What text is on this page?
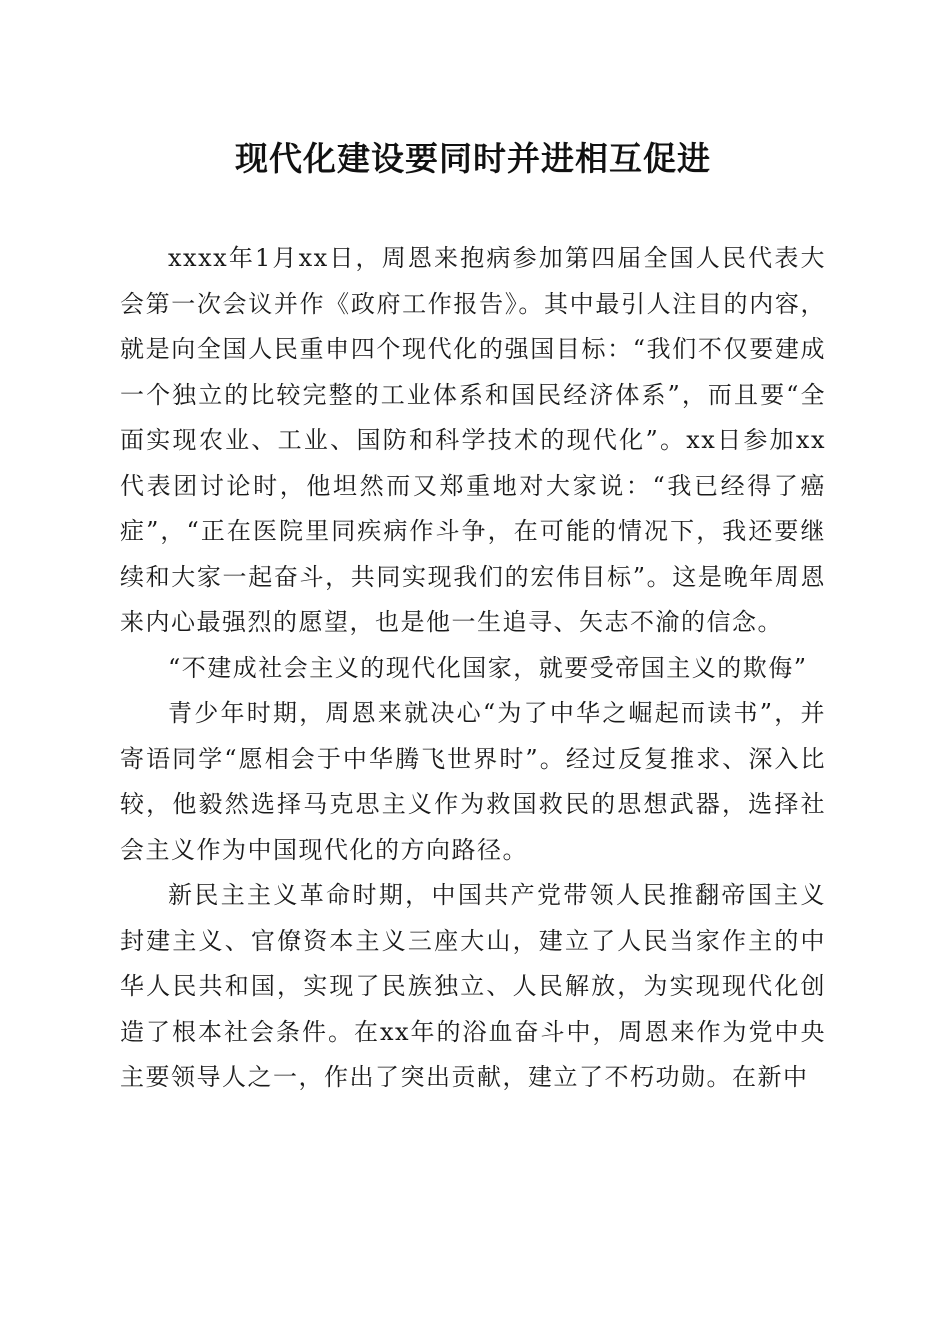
现代化建设要同时并进相互促进

xxxx年1月xx日，周恩来抱病参加第四届全国人民代表大会第一次会议并作《政府工作报告》。其中最引人注目的内容，就是向全国人民重申四个现代化的强国目标：“我们不仅要建成一个独立的比较完整的工业体系和国民经济体系”，而且要“全面实现农业、工业、国防和科学技术的现代化”。xx日参加xx代表团讨论时，他坦然而又郑重地对大家说：“我已经得了癌症”，“正在医院里同疾病作斗争，在可能的情况下，我还要继续和大家一起奋斗，共同实现我们的宏伟目标”。这是晚年周恩来内心最强烈的愿望，也是他一生追寻、矢志不渝的信念。

“不建成社会主义的现代化国家，就要受帝国主义的欺侮”

青少年时期，周恩来就决心“为了中华之崛起而读书”，并寄语同学“愿相会于中华腾飞世界时”。经过反复推求、深入比较，他毅然选择马克思主义作为救国救民的思想武器，选择社会主义作为中国现代化的方向路径。

新民主主义革命时期，中国共产党带领人民推翻帝国主义封建主义、官僚资本主义三座大山，建立了人民当家作主的中华人民共和国，实现了民族独立、人民解放，为实现现代化创造了根本社会条件。在xx年的浴血奋斗中，周恩来作为党中央主要领导人之一，作出了突出贡献，建立了不朽功勋。在新中
